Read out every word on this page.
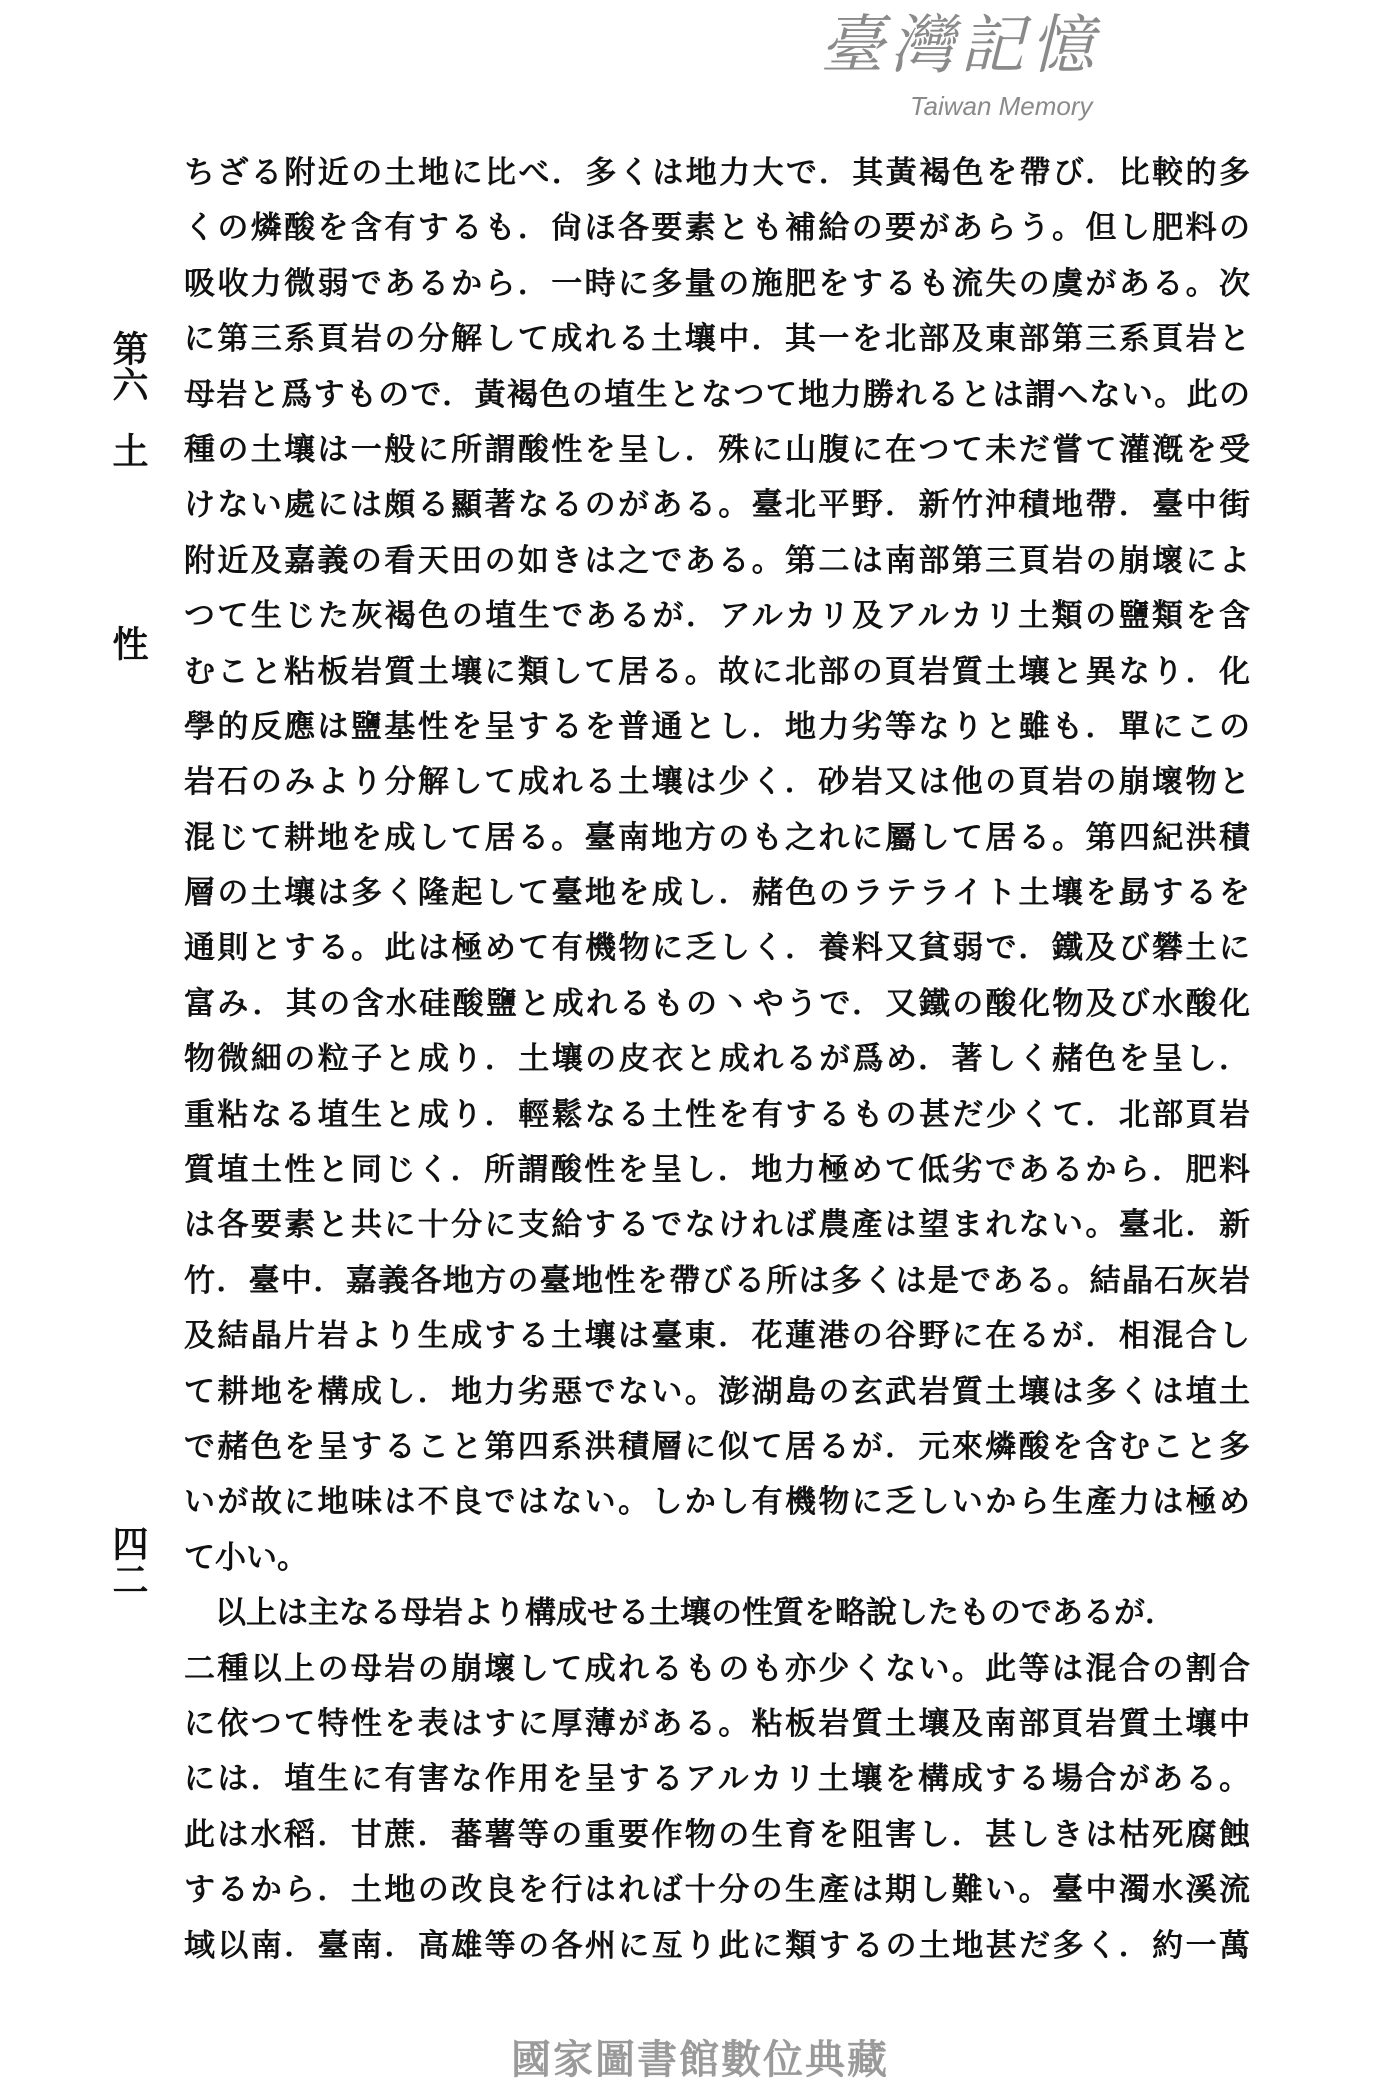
第六
土
性
四二
臺灣記憶
Taiwan Memory
ちざる附近の土地に比べ．多くは地力大で．其黃褐色を帶び．比較的多
くの燐酸を含有するも．尙ほ各要素とも補給の要があらう。但し肥料の
吸收力微弱であるから．一時に多量の施肥をするも流失の虞がある。次
に第三系頁岩の分解して成れる土壤中．其一を北部及東部第三系頁岩と
母岩と爲すもので．黃褐色の埴生となつて地力勝れるとは謂へない。此の
種の土壤は一般に所謂酸性を呈し．殊に山腹に在つて未だ嘗て灌漑を受
けない處には頗る顯著なるのがある。臺北平野．新竹沖積地帶．臺中街
附近及嘉義の看天田の如きは之である。第二は南部第三頁岩の崩壞によ
つて生じた灰褐色の埴生であるが．アルカリ及アルカリ土類の鹽類を含
むこと粘板岩質土壤に類して居る。故に北部の頁岩質土壤と異なり．化
學的反應は鹽基性を呈するを普通とし．地力劣等なりと雖も．單にこの
岩石のみより分解して成れる土壤は少く．砂岩又は他の頁岩の崩壞物と
混じて耕地を成して居る。臺南地方のも之れに屬して居る。第四紀洪積
層の土壤は多く隆起して臺地を成し．赭色のラテライト土壤を勗するを
通則とする。此は極めて有機物に乏しく．養料又貧弱で．鐵及び礬土に
富み．其の含水硅酸鹽と成れるもの丶やうで．又鐵の酸化物及び水酸化
物微細の粒子と成り．土壤の皮衣と成れるが爲め．著しく赭色を呈し．
重粘なる埴生と成り．輕鬆なる土性を有するもの甚だ少くて．北部頁岩
質埴土性と同じく．所謂酸性を呈し．地力極めて低劣であるから．肥料
は各要素と共に十分に支給するでなければ農產は望まれない。臺北．新
竹．臺中．嘉義各地方の臺地性を帶びる所は多くは是である。結晶石灰岩
及結晶片岩より生成する土壤は臺東．花蓮港の谷野に在るが．相混合し
て耕地を構成し．地力劣惡でない。澎湖島の玄武岩質土壤は多くは埴土
で赭色を呈すること第四系洪積層に似て居るが．元來燐酸を含むこと多
いが故に地味は不良ではない。しかし有機物に乏しいから生產力は極め
て小い。
　以上は主なる母岩より構成せる土壤の性質を略說したものであるが．
二種以上の母岩の崩壞して成れるものも亦少くない。此等は混合の割合
に依つて特性を表はすに厚薄がある。粘板岩質土壤及南部頁岩質土壤中
には．埴生に有害な作用を呈するアルカリ土壤を構成する場合がある。
此は水稻．甘蔗．蕃薯等の重要作物の生育を阻害し．甚しきは枯死腐蝕
するから．土地の改良を行はれば十分の生產は期し難い。臺中濁水溪流
域以南．臺南．高雄等の各州に亙り此に類するの土地甚だ多く．約一萬
國家圖書館數位典藏
